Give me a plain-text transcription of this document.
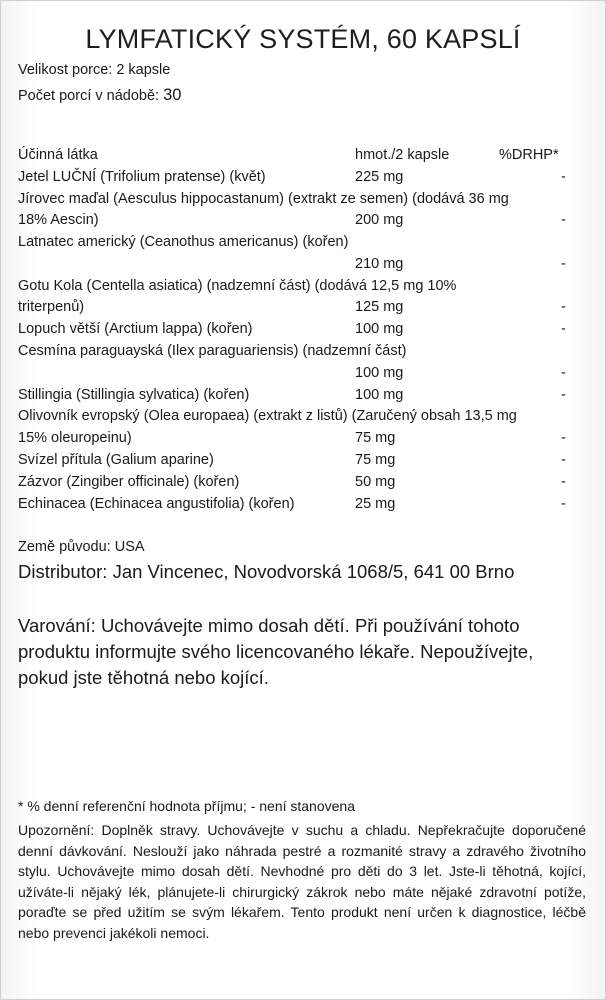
LYMFATICKÝ SYSTÉM, 60 KAPSLÍ
Velikost porce: 2 kapsle
Počet porcí v nádobě: 30
Účinná látka	hmot./2 kapsle	%DRHP*
Jetel LUČNÍ (Trifolium pratense) (květ)	225 mg	-
Jírovec maďal (Aesculus hippocastanum) (extrakt ze semen) (dodává 36 mg
18% Aescin)	200 mg	-
Latnatec americký (Ceanothus americanus) (kořen)
210 mg	-
Gotu Kola (Centella asiatica) (nadzemní část) (dodává 12,5 mg 10%
triterpenů)	125 mg	-
Lopuch větší (Arctium lappa) (kořen)	100 mg	-
Cesmína paraguayská (Ilex paraguariensis) (nadzemní část)
100 mg	-
Stillingia (Stillingia sylvatica) (kořen)	100 mg	-
Olivovník evropský (Olea europaea) (extrakt z listů) (Zaručený obsah 13,5 mg
15% oleuropeinu)	75 mg	-
Svízel přítula (Galium aparine)	75 mg	-
Zázvor (Zingiber officinale) (kořen)	50 mg	-
Echinacea (Echinacea angustifolia) (kořen)	25 mg	-
Země původu: USA
Distributor: Jan Vincenec, Novodvorská 1068/5, 641 00 Brno
Varování: Uchovávejte mimo dosah dětí. Při používání tohoto
produktu informujte svého licencovaného lékaře. Nepoužívejte,
pokud jste těhotná nebo kojící.
* % denní referenční hodnota příjmu; - není stanovena
Upozornění: Doplněk stravy. Uchovávejte v suchu a chladu. Nepřekračujte doporučené denní dávkování. Neslouží jako náhrada pestré a rozmanité stravy a zdravého životního stylu. Uchovávejte mimo dosah dětí. Nevhodné pro děti do 3 let. Jste-li těhotná, kojící, užíváte-li nějaký lék, plánujete-li chirurgický zákrok nebo máte nějaké zdravotní potíže, poraďte se před užitím se svým lékařem. Tento produkt není určen k diagnostice, léčbě nebo prevenci jakékoli nemoci.
